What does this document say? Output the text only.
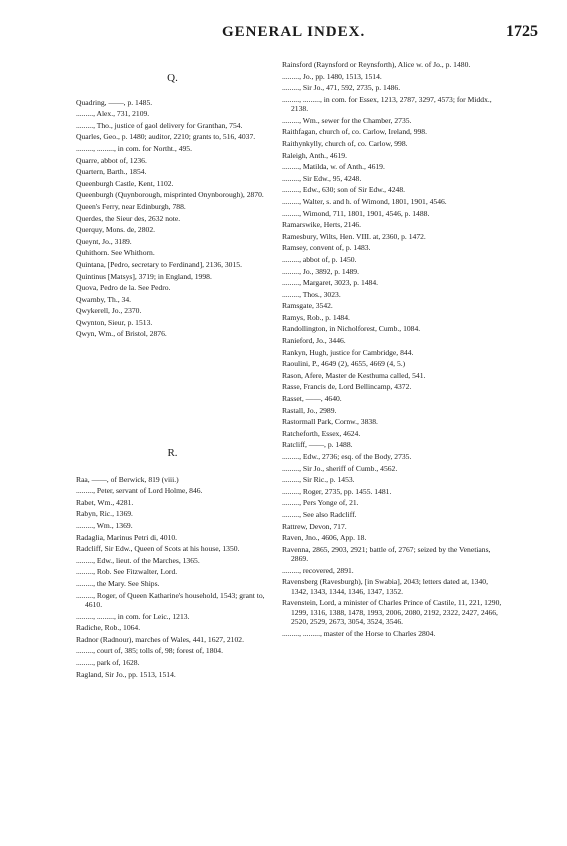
GENERAL INDEX.	1725
Q.
Quadring, ——, p. 1485.
........., Alex., 731, 2109.
........., Tho., justice of gaol delivery for Granthan, 754.
Quarles, Geo., p. 1480; auditor, 2210; grants to, 516, 4037.
........., ........., in com. for Northt., 495.
Quarre, abbot of, 1236.
Quartern, Barth., 1854.
Queenburgh Castle, Kent, 1102.
Queenburgh (Quynborough, misprinted Onynborough), 2870.
Queen's Ferry, near Edinburgh, 788.
Querdes, the Sieur des, 2632 note.
Querquy, Mons. de, 2802.
Queynt, Jo., 3189.
Quhithorn. See Whithorn.
Quintana, [Pedro, secretary to Ferdinand], 2136, 3015.
Quintinus [Matsys], 3719; in England, 1998.
Quova, Pedro de la. See Pedro.
Qwarnby, Th., 34.
Qwykerell, Jo., 2370.
Qwynton, Sieur, p. 1513.
Qwyn, Wm., of Bristol, 2876.
R.
Raa, ——, of Berwick, 819 (viii.)
........., Peter, servant of Lord Holme, 846.
Rabet, Wm., 4281.
Rabyn, Ric., 1369.
........., Wm., 1369.
Radaglia, Marinus Petri di, 4010.
Radcliff, Sir Edw., Queen of Scots at his house, 1350.
........., Edw., lieut. of the Marches, 1365.
........., Rob. See Fitzwalter, Lord.
........., the Mary. See Ships.
........., Roger, of Queen Katharine's household, 1543; grant to, 4610.
........., ........., in com. for Leic., 1213.
Radiche, Rob., 1064.
Radnor (Radnour), marches of Wales, 441, 1627, 2102.
........., court of, 385; tolls of, 98; forest of, 1804.
........., park of, 1628.
Ragland, Sir Jo., pp. 1513, 1514.
Rainsford (Raynsford or Reynsforth), Alice w. of Jo., p. 1480.
........., Jo., pp. 1480, 1513, 1514.
........., Sir Jo., 471, 592, 2735, p. 1486.
........., ........., in com. for Essex, 1213, 2787, 3297, 4573; for Middx., 2138.
........., Wm., sewer for the Chamber, 2735.
Raithfagan, church of, co. Carlow, Ireland, 998.
Raithynkylly, church of, co. Carlow, 998.
Raleigh, Anth., 4619.
........., Matilda, w. of Anth., 4619.
........., Sir Edw., 95, 4248.
........., Edw., 630; son of Sir Edw., 4248.
........., Walter, s. and h. of Wimond, 1801, 1901, 4546.
........., Wimond, 711, 1801, 1901, 4546, p. 1488.
Ramarswike, Herts, 2146.
Ramesbury, Wilts, Hen. VIII. at, 2360, p. 1472.
Ramsey, convent of, p. 1483.
........., abbot of, p. 1450.
........., Jo., 3892, p. 1489.
........., Margaret, 3023, p. 1484.
........., Thos., 3023.
Ramsgate, 3542.
Ramys, Rob., p. 1484.
Randollington, in Nicholforest, Cumb., 1084.
Ranieford, Jo., 3446.
Rankyn, Hugh, justice for Cambridge, 844.
Raoulini, P., 4649 (2), 4655, 4669 (4, 5.)
Rason, Afere, Master de Kesthuma called, 541.
Rasse, Francis de, Lord Bellincamp, 4372.
Rasset, ——, 4640.
Rastall, Jo., 2989.
Rastormall Park, Cornw., 3838.
Ratcheforth, Essex, 4624.
Ratcliff, ——, p. 1488.
........., Edw., 2736; esq. of the Body, 2735.
........., Sir Jo., sheriff of Cumb., 4562.
........., Sir Ric., p. 1453.
........., Roger, 2735, pp. 1455. 1481.
........., Pers Yonge of, 21.
........., See also Radcliff.
Rattrew, Devon, 717.
Raven, Jno., 4606, App. 18.
Ravenna, 2865, 2903, 2921; battle of, 2767; seized by the Venetians, 2869.
........., recovered, 2891.
Ravensberg (Ravesburgh), [in Swabia], 2043; letters dated at, 1340, 1342, 1343, 1344, 1346, 1347, 1352.
Ravenstein, Lord, a minister of Charles Prince of Castile, 11, 221, 1290, 1299, 1316, 1388, 1478, 1993, 2006, 2080, 2192, 2322, 2427, 2466, 2520, 2529, 2673, 3054, 3524, 3546.
........., ........., master of the Horse to Charles 2804.
